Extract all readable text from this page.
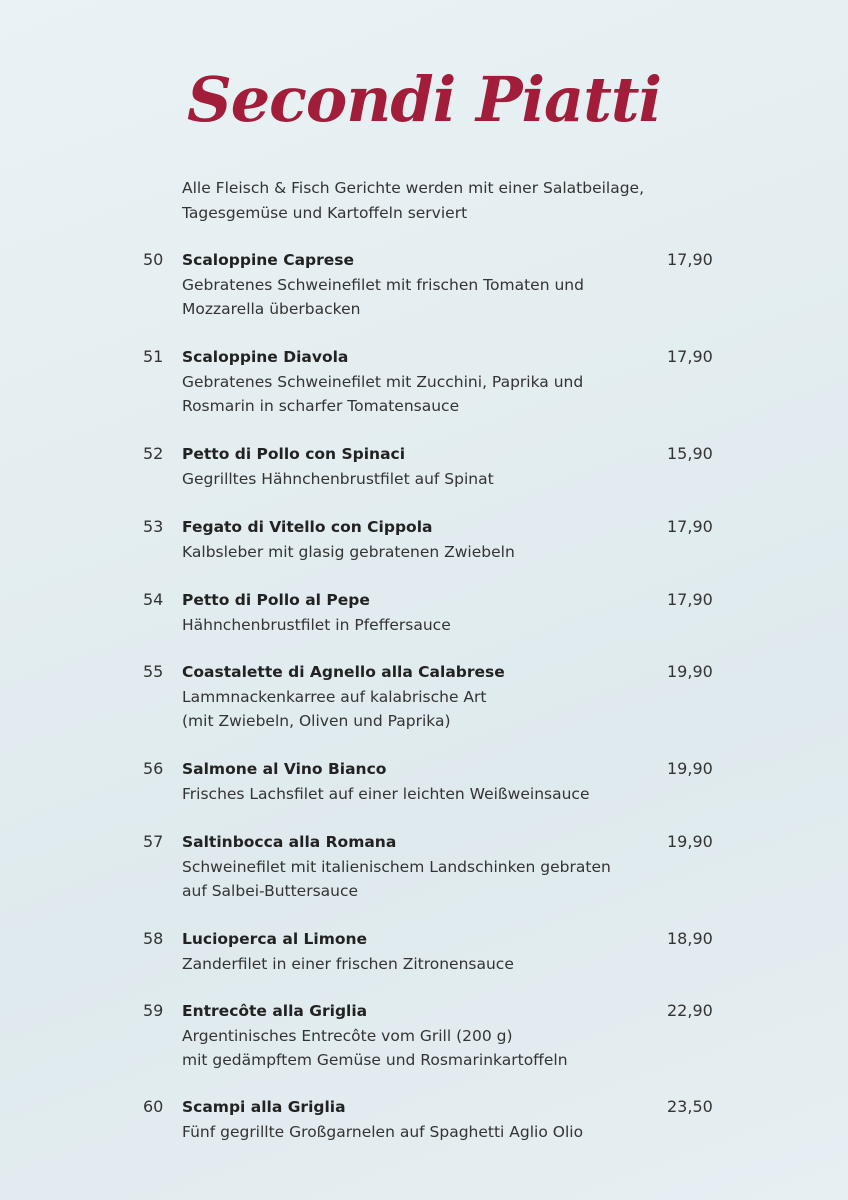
Secondi Piatti
Alle Fleisch & Fisch Gerichte werden mit einer Salatbeilage,
Tagesgemüse und Kartoffeln serviert
50 Scaloppine Caprese	17,90
Gebratenes Schweinefilet mit frischen Tomaten und
Mozzarella überbacken
51 Scaloppine Diavola	17,90
Gebratenes Schweinefilet mit Zucchini, Paprika und
Rosmarin in scharfer Tomatensauce
52 Petto di Pollo con Spinaci	15,90
Gegrilltes Hähnchenbrustfilet auf Spinat
53 Fegato di Vitello con Cippola	17,90
Kalbsleber mit glasig gebratenen Zwiebeln
54 Petto di Pollo al Pepe	17,90
Hähnchenbrustfilet in Pfeffersauce
55 Coastalette di Agnello alla Calabrese	19,90
Lammnackenkarree auf kalabrische Art
(mit Zwiebeln, Oliven und Paprika)
56 Salmone al Vino Bianco	19,90
Frisches Lachsfilet auf einer leichten Weißweinsauce
57 Saltinbocca alla Romana	19,90
Schweinefilet mit italienischem Landschinken gebraten
auf Salbei-Buttersauce
58 Lucioperca al Limone	18,90
Zanderfilet in einer frischen Zitronensauce
59 Entrecôte alla Griglia	22,90
Argentinisches Entrecôte vom Grill (200 g)
mit gedämpftem Gemüse und Rosmarinkartoffeln
60 Scampi alla Griglia	23,50
Fünf gegrillte Großgarnelen auf Spaghetti Aglio Olio
